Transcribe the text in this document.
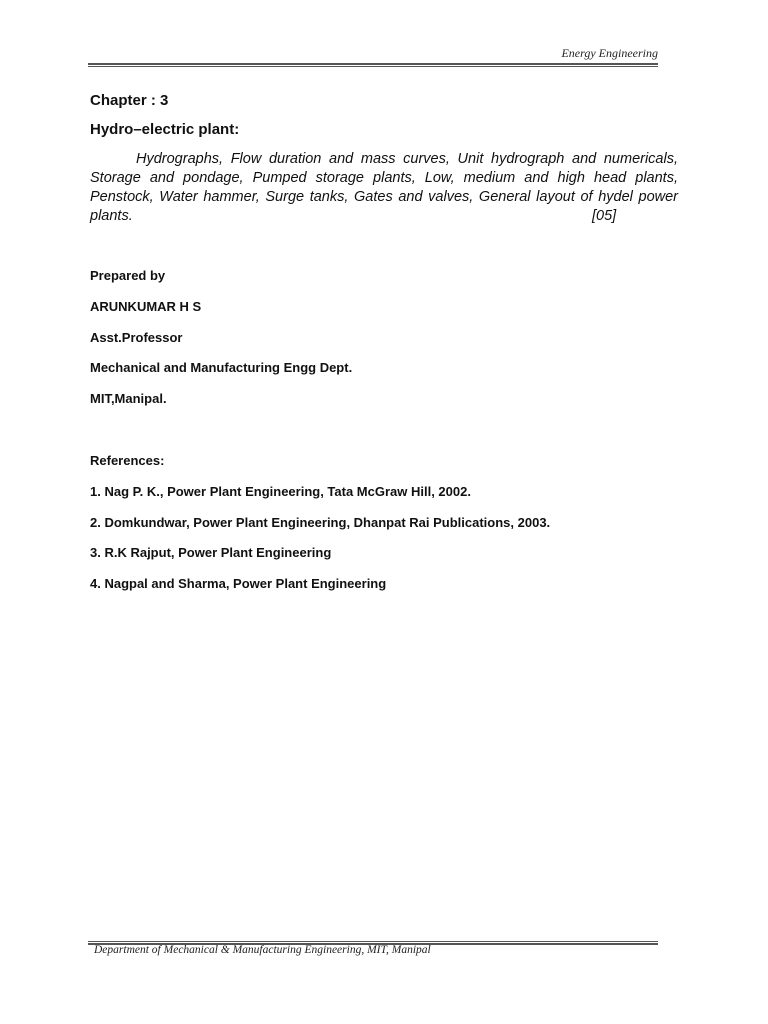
Energy Engineering
Chapter : 3
Hydro–electric plant:
Hydrographs, Flow duration and mass curves, Unit hydrograph and numericals, Storage and pondage, Pumped storage plants, Low, medium and high head plants, Penstock, Water hammer, Surge tanks, Gates and valves, General layout of hydel power plants.	[05]
Prepared by
ARUNKUMAR H S
Asst.Professor
Mechanical and Manufacturing Engg Dept.
MIT,Manipal.
References:
1. Nag P. K., Power Plant Engineering, Tata McGraw Hill, 2002.
2. Domkundwar, Power Plant Engineering, Dhanpat Rai Publications, 2003.
3. R.K Rajput, Power Plant Engineering
4. Nagpal and Sharma, Power Plant Engineering
Department of Mechanical & Manufacturing Engineering, MIT, Manipal
